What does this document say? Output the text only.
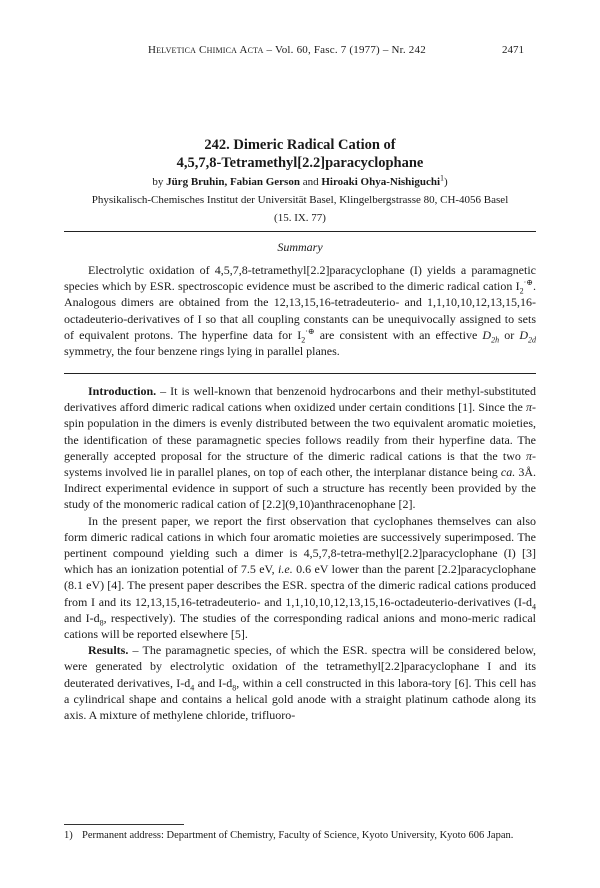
Helvetica Chimica Acta – Vol. 60, Fasc. 7 (1977) – Nr. 242	2471
242. Dimeric Radical Cation of
4,5,7,8-Tetramethyl[2.2]paracyclophane
by Jürg Bruhin, Fabian Gerson and Hiroaki Ohya-Nishiguchi$^1$)
Physikalisch-Chemisches Institut der Universität Basel, Klingelbergstrasse 80, CH-4056 Basel
(15. IX. 77)
Summary

Electrolytic oxidation of 4,5,7,8-tetramethyl[2.2]paracyclophane (I) yields a paramagnetic species which by ESR. spectroscopic evidence must be ascribed to the dimeric radical cation $I_2^{\cdot\oplus}$. Analogous dimers are obtained from the 12,13,15,16-tetradeuterio- and 1,1,10,10,12,13,15,16-octadeuterio-derivatives of I so that all coupling constants can be unequivocally assigned to sets of equivalent protons. The hyperfine data for $I_2^{\cdot\oplus}$ are consistent with an effective $D_{2h}$ or $D_{2d}$ symmetry, the four benzene rings lying in parallel planes.

Introduction. – It is well-known that benzenoid hydrocarbons and their methyl-substituted derivatives afford dimeric radical cations when oxidized under certain conditions [1]. Since the π-spin population in the dimers is evenly distributed between the two equivalent aromatic moieties, the identification of these paramagnetic species follows readily from their hyperfine data. The generally accepted proposal for the structure of the dimeric radical cations is that the two π-systems involved lie in parallel planes, on top of each other, the interplanar distance being ca. 3Å. Indirect experimental evidence in support of such a structure has recently been provided by the study of the monomeric radical cation of [2.2](9,10)anthracenophane [2].

In the present paper, we report the first observation that cyclophanes themselves can also form dimeric radical cations in which four aromatic moieties are successively superimposed. The pertinent compound yielding such a dimer is 4,5,7,8-tetra-methyl[2.2]paracyclophane (I) [3] which has an ionization potential of 7.5 eV, i.e. 0.6 eV lower than the parent [2.2]paracyclophane (8.1 eV) [4]. The present paper describes the ESR. spectra of the dimeric radical cations produced from I and its 12,13,15,16-tetradeuterio- and 1,1,10,10,12,13,15,16-octadeuterio-derivatives ($I-d_4$ and $I-d_8$, respectively). The studies of the corresponding radical anions and mono-meric radical cations will be reported elsewhere [5].

Results. – The paramagnetic species, of which the ESR. spectra will be considered below, were generated by electrolytic oxidation of the tetramethyl[2.2]paracyclophane I and its deuterated derivatives, $I-d_4$ and $I-d_8$, within a cell constructed in this labora-tory [6]. This cell has a cylindrical shape and contains a helical gold anode with a straight platinum cathode along its axis. A mixture of methylene chloride, trifluoro-

1) Permanent address: Department of Chemistry, Faculty of Science, Kyoto University, Kyoto 606 Japan.
